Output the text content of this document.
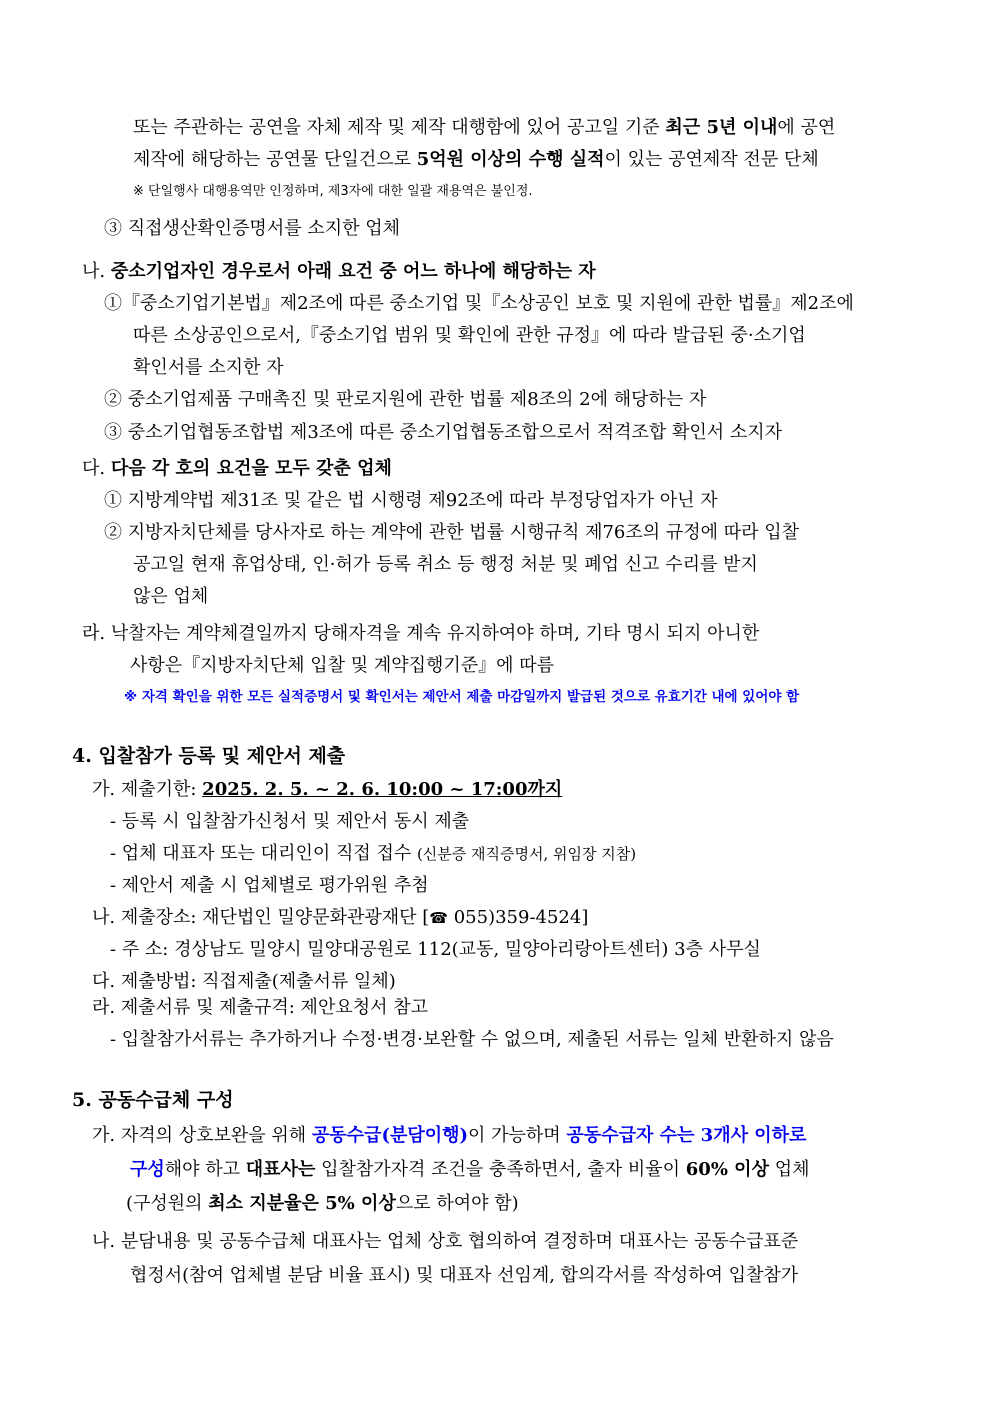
또는 주관하는 공연을 자체 제작 및 제작 대행함에 있어 공고일 기준 최근 5년 이내에 공연
제작에 해당하는 공연물 단일건으로 5억원 이상의 수행 실적이 있는 공연제작 전문 단체
※ 단일행사 대행용역만 인정하며, 제3자에 대한 일괄 재용역은 불인정.
③ 직접생산확인증명서를 소지한 업체
나. 중소기업자인 경우로서 아래 요건 중 어느 하나에 해당하는 자
①『중소기업기본법』제2조에 따른 중소기업 및『소상공인 보호 및 지원에 관한 법률』제2조에
따른 소상공인으로서,『중소기업 범위 및 확인에 관한 규정』에 따라 발급된 중·소기업
확인서를 소지한 자
② 중소기업제품 구매촉진 및 판로지원에 관한 법률 제8조의 2에 해당하는 자
③ 중소기업협동조합법 제3조에 따른 중소기업협동조합으로서 적격조합 확인서 소지자
다. 다음 각 호의 요건을 모두 갖춘 업체
① 지방계약법 제31조 및 같은 법 시행령 제92조에 따라 부정당업자가 아닌 자
② 지방자치단체를 당사자로 하는 계약에 관한 법률 시행규칙 제76조의 규정에 따라 입찰
공고일 현재 휴업상태, 인·허가 등록 취소 등 행정 처분 및 폐업 신고 수리를 받지
않은 업체
라. 낙찰자는 계약체결일까지 당해자격을 계속 유지하여야 하며, 기타 명시 되지 아니한
사항은『지방자치단체 입찰 및 계약집행기준』에 따름
※ 자격 확인을 위한 모든 실적증명서 및 확인서는 제안서 제출 마감일까지 발급된 것으로 유효기간 내에 있어야 함
4. 입찰참가 등록 및 제안서 제출
가. 제출기한: 2025. 2. 5. ~ 2. 6. 10:00 ~ 17:00까지
- 등록 시 입찰참가신청서 및 제안서 동시 제출
- 업체 대표자 또는 대리인이 직접 접수 (신분증 재직증명서, 위임장 지참)
- 제안서 제출 시 업체별로 평가위원 추첨
나. 제출장소: 재단법인 밀양문화관광재단 [☎ 055)359-4524]
- 주 소: 경상남도 밀양시 밀양대공원로 112(교동, 밀양아리랑아트센터) 3층 사무실
다. 제출방법: 직접제출(제출서류 일체)
라. 제출서류 및 제출규격: 제안요청서 참고
- 입찰참가서류는 추가하거나 수정·변경·보완할 수 없으며, 제출된 서류는 일체 반환하지 않음
5. 공동수급체 구성
가. 자격의 상호보완을 위해 공동수급(분담이행)이 가능하며 공동수급자 수는 3개사 이하로
구성해야 하고 대표사는 입찰참가자격 조건을 충족하면서, 출자 비율이 60% 이상 업체
(구성원의 최소 지분율은 5% 이상으로 하여야 함)
나. 분담내용 및 공동수급체 대표사는 업체 상호 협의하여 결정하며 대표사는 공동수급표준
협정서(참여 업체별 분담 비율 표시) 및 대표자 선임계, 합의각서를 작성하여 입찰참가
